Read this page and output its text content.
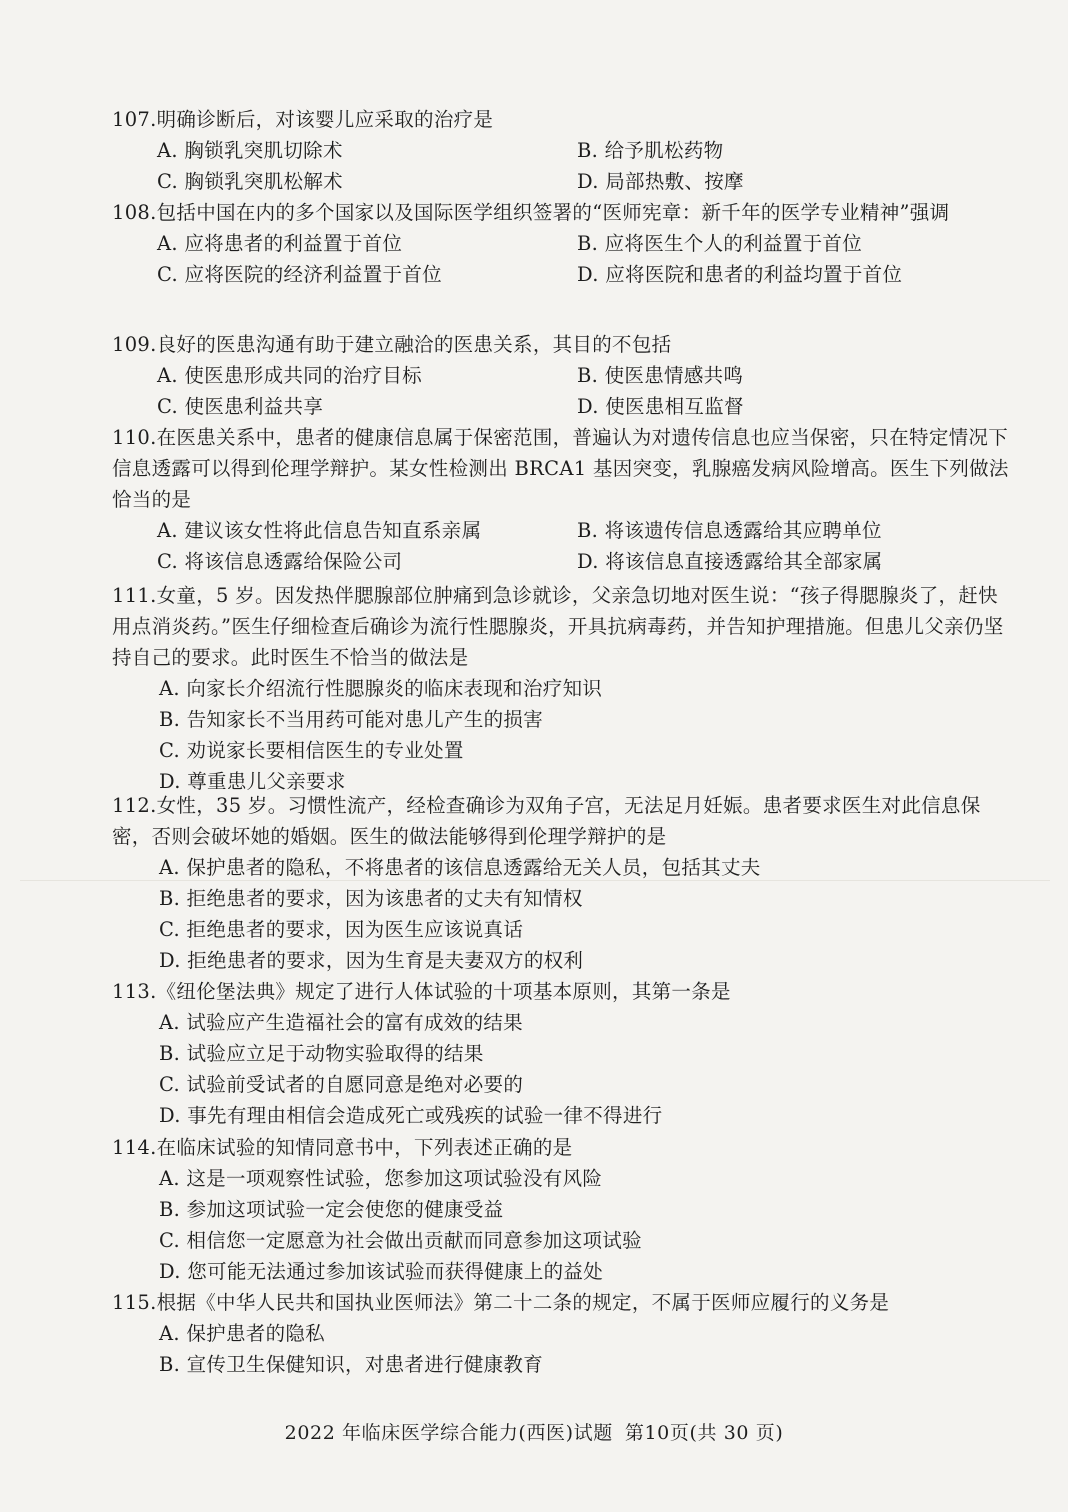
107.明确诊断后，对该婴儿应采取的治疗是
A. 胸锁乳突肌切除术	B. 给予肌松药物
C. 胸锁乳突肌松解术	D. 局部热敷、按摩
108.包括中国在内的多个国家以及国际医学组织签署的“医师宪章：新千年的医学专业精神”强调
A. 应将患者的利益置于首位	B. 应将医生个人的利益置于首位
C. 应将医院的经济利益置于首位	D. 应将医院和患者的利益均置于首位
109.良好的医患沟通有助于建立融洽的医患关系，其目的不包括
A. 使医患形成共同的治疗目标	B. 使医患情感共鸣
C. 使医患利益共享	D. 使医患相互监督
110.在医患关系中，患者的健康信息属于保密范围，普遍认为对遗传信息也应当保密，只在特定情况下信息透露可以得到伦理学辩护。某女性检测出 BRCA1 基因突变，乳腺癌发病风险增高。医生下列做法恰当的是
A. 建议该女性将此信息告知直系亲属	B. 将该遗传信息透露给其应聘单位
C. 将该信息透露给保险公司	D. 将该信息直接透露给其全部家属
111.女童，5 岁。因发热伴腮腺部位肿痛到急诊就诊，父亲急切地对医生说：“孩子得腮腺炎了，赶快用点消炎药。”医生仔细检查后确诊为流行性腮腺炎，开具抗病毒药，并告知护理措施。但患儿父亲仍坚持自己的要求。此时医生不恰当的做法是
A. 向家长介绍流行性腮腺炎的临床表现和治疗知识
B. 告知家长不当用药可能对患儿产生的损害
C. 劝说家长要相信医生的专业处置
D. 尊重患儿父亲要求
112.女性，35 岁。习惯性流产，经检查确诊为双角子宫，无法足月妊娠。患者要求医生对此信息保密，否则会破坏她的婚姻。医生的做法能够得到伦理学辩护的是
A. 保护患者的隐私，不将患者的该信息透露给无关人员，包括其丈夫
B. 拒绝患者的要求，因为该患者的丈夫有知情权
C. 拒绝患者的要求，因为医生应该说真话
D. 拒绝患者的要求，因为生育是夫妻双方的权利
113.《纽伦堡法典》规定了进行人体试验的十项基本原则，其第一条是
A. 试验应产生造福社会的富有成效的结果
B. 试验应立足于动物实验取得的结果
C. 试验前受试者的自愿同意是绝对必要的
D. 事先有理由相信会造成死亡或残疾的试验一律不得进行
114.在临床试验的知情同意书中，下列表述正确的是
A. 这是一项观察性试验，您参加这项试验没有风险
B. 参加这项试验一定会使您的健康受益
C. 相信您一定愿意为社会做出贡献而同意参加这项试验
D. 您可能无法通过参加该试验而获得健康上的益处
115.根据《中华人民共和国执业医师法》第二十二条的规定，不属于医师应履行的义务是
A. 保护患者的隐私
B. 宣传卫生保健知识，对患者进行健康教育
2022 年临床医学综合能力(西医)试题 第10页(共 30 页)
